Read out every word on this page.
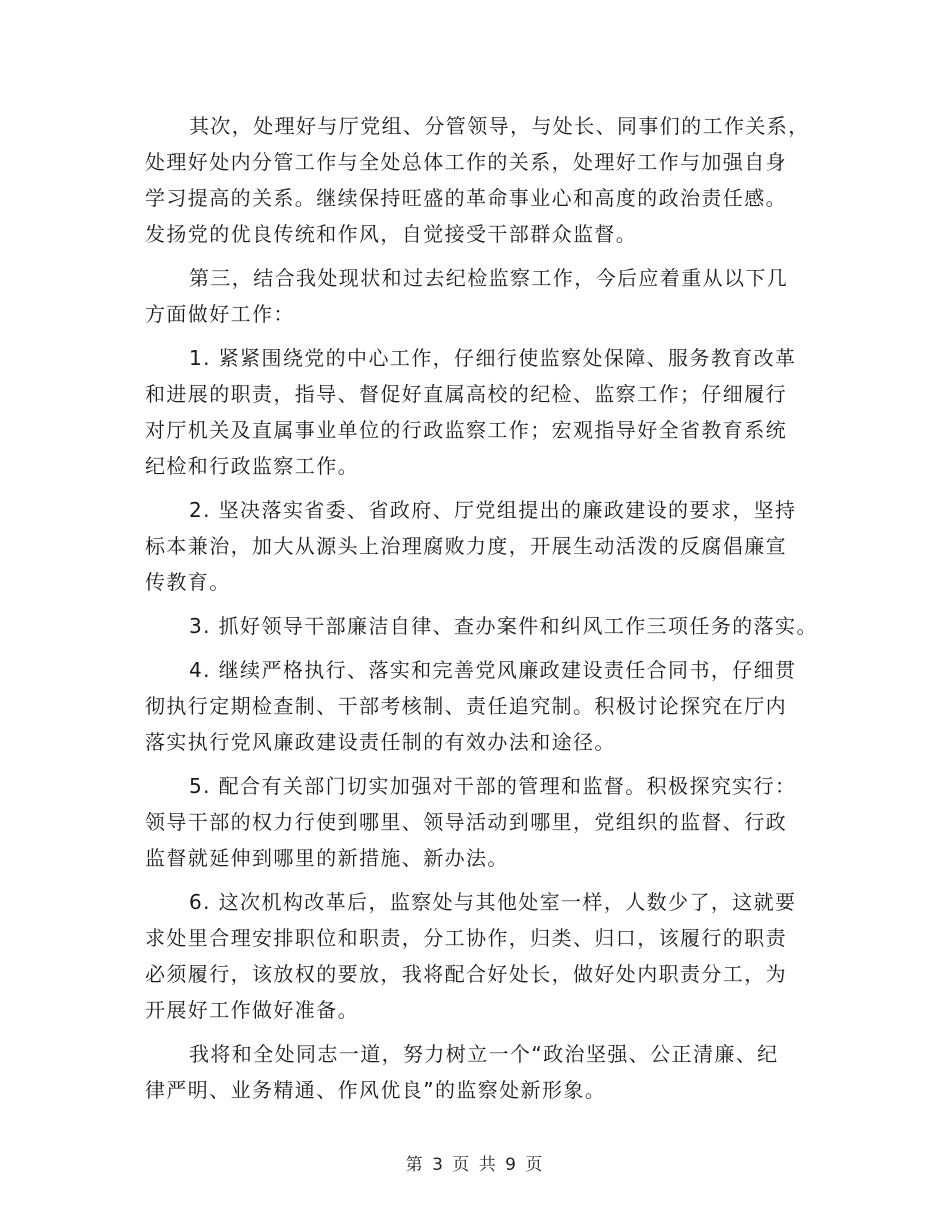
其次，处理好与厅党组、分管领导，与处长、同事们的工作关系，
处理好处内分管工作与全处总体工作的关系，处理好工作与加强自身
学习提高的关系。继续保持旺盛的革命事业心和高度的政治责任感。
发扬党的优良传统和作风，自觉接受干部群众监督。
第三，结合我处现状和过去纪检监察工作，今后应着重从以下几
方面做好工作：
1. 紧紧围绕党的中心工作，仔细行使监察处保障、服务教育改革
和进展的职责，指导、督促好直属高校的纪检、监察工作；仔细履行
对厅机关及直属事业单位的行政监察工作；宏观指导好全省教育系统
纪检和行政监察工作。
2. 坚决落实省委、省政府、厅党组提出的廉政建设的要求，坚持
标本兼治，加大从源头上治理腐败力度，开展生动活泼的反腐倡廉宣
传教育。
3. 抓好领导干部廉洁自律、查办案件和纠风工作三项任务的落实。
4. 继续严格执行、落实和完善党风廉政建设责任合同书，仔细贯
彻执行定期检查制、干部考核制、责任追究制。积极讨论探究在厅内
落实执行党风廉政建设责任制的有效办法和途径。
5. 配合有关部门切实加强对干部的管理和监督。积极探究实行：
领导干部的权力行使到哪里、领导活动到哪里，党组织的监督、行政
监督就延伸到哪里的新措施、新办法。
6. 这次机构改革后，监察处与其他处室一样，人数少了，这就要
求处里合理安排职位和职责，分工协作，归类、归口，该履行的职责
必须履行，该放权的要放，我将配合好处长，做好处内职责分工，为
开展好工作做好准备。
我将和全处同志一道，努力树立一个“政治坚强、公正清廉、纪
律严明、业务精通、作风优良”的监察处新形象。
第 3 页 共 9 页
